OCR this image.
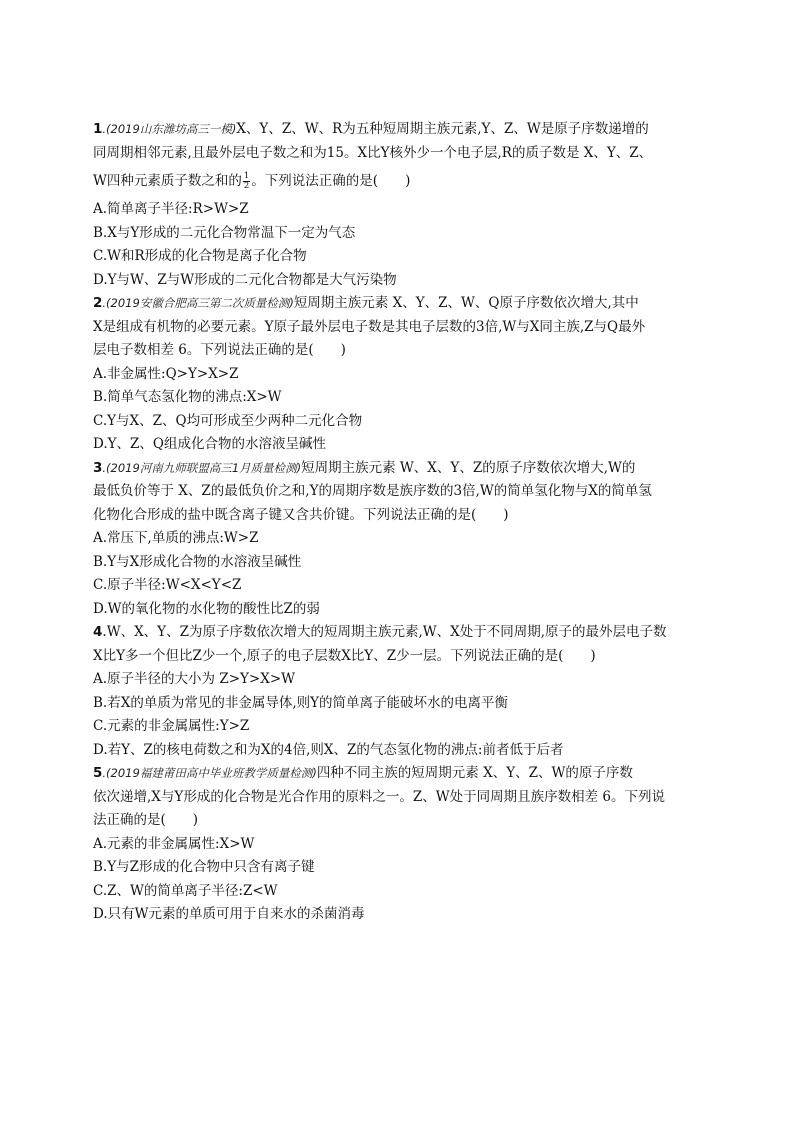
1.(2019山东潍坊高三一模)X、Y、Z、W、R为五种短周期主族元素,Y、Z、W是原子序数递增的
同周期相邻元素,且最外层电子数之和为15。X比Y核外少一个电子层,R的质子数是 X、Y、Z、
W四种元素质子数之和的 $\frac{1}{2}$ 。下列说法正确的是(　　)
A.简单离子半径:R>W>Z
B.X与Y形成的二元化合物常温下一定为气态
C.W和R形成的化合物是离子化合物
D.Y与W、Z与W形成的二元化合物都是大气污染物
2.(2019安徽合肥高三第二次质量检测)短周期主族元素 X、Y、Z、W、Q原子序数依次增大,其中
X是组成有机物的必要元素。Y原子最外层电子数是其电子层数的3倍,W与X同主族,Z与Q最外
层电子数相差 6。下列说法正确的是(　　)
A.非金属性:Q>Y>X>Z
B.简单气态氢化物的沸点:X>W
C.Y与X、Z、Q均可形成至少两种二元化合物
D.Y、Z、Q组成化合物的水溶液呈碱性
3.(2019河南九师联盟高三1月质量检测)短周期主族元素 W、X、Y、Z的原子序数依次增大,W的
最低负价等于 X、Z的最低负价之和,Y的周期序数是族序数的3倍,W的简单氢化物与X的简单氢
化物化合形成的盐中既含离子键又含共价键。下列说法正确的是(　　)
A.常压下,单质的沸点:W>Z
B.Y与X形成化合物的水溶液呈碱性
C.原子半径:W<X<Y<Z
D.W的氧化物的水化物的酸性比Z的弱
4.W、X、Y、Z为原子序数依次增大的短周期主族元素,W、X处于不同周期,原子的最外层电子数
X比Y多一个但比Z少一个,原子的电子层数X比Y、Z少一层。下列说法正确的是(　　)
A.原子半径的大小为 Z>Y>X>W
B.若X的单质为常见的非金属导体,则Y的简单离子能破坏水的电离平衡
C.元素的非金属属性:Y>Z
D.若Y、Z的核电荷数之和为X的4倍,则X、Z的气态氢化物的沸点:前者低于后者
5.(2019福建莆田高中毕业班教学质量检测)四种不同主族的短周期元素 X、Y、Z、W的原子序数
依次递增,X与Y形成的化合物是光合作用的原料之一。Z、W处于同周期且族序数相差 6。下列说
法正确的是(　　)
A.元素的非金属属性:X>W
B.Y与Z形成的化合物中只含有离子键
C.Z、W的简单离子半径:Z<W
D.只有W元素的单质可用于自来水的杀菌消毒
